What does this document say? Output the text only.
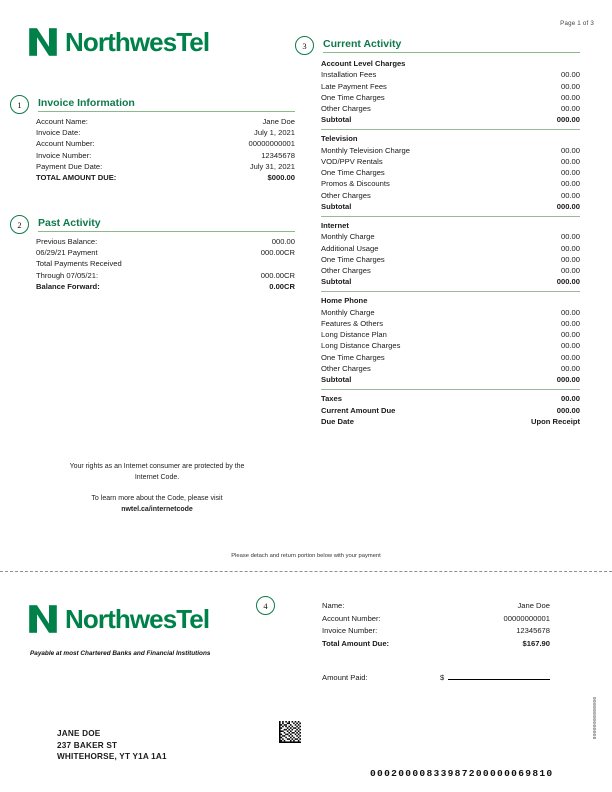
Page 1 of 3
NorthwesTel
1	Invoice Information
Account Name:	Jane Doe
Invoice Date:	July 1, 2021
Account Number:	00000000001
Invoice Number:	12345678
Payment Due Date:	July 31, 2021
TOTAL AMOUNT DUE:	$000.00
2	Past Activity
Previous Balance:	000.00
06/29/21 Payment	000.00CR
Total Payments Received
Through 07/05/21:	000.00CR
Balance Forward:	0.00CR
3	Current Activity
Account Level Charges
Installation Fees	00.00
Late Payment Fees	00.00
One Time Charges	00.00
Other Charges	00.00
Subtotal	000.00
Television
Monthly Television Charge	00.00
VOD/PPV Rentals	00.00
One Time Charges	00.00
Promos & Discounts	00.00
Other Charges	00.00
Subtotal	000.00
Internet
Monthly Charge	00.00
Additional Usage	00.00
One Time Charges	00.00
Other Charges	00.00
Subtotal	000.00
Home Phone
Monthly Charge	00.00
Features & Others	00.00
Long Distance Plan	00.00
Long Distance Charges	00.00
One Time Charges	00.00
Other Charges	00.00
Subtotal	000.00
Taxes	00.00
Current Amount Due	000.00
Due Date	Upon Receipt
Your rights as an Internet consumer are protected by the
Internet Code.
To learn more about the Code, please visit
nwtel.ca/internetcode
Please detach and return portion below with your payment
NorthwesTel
Payable at most Chartered Banks and Financial Institutions
4	Name:	Jane Doe
Account Number:	00000000001
Invoice Number:	12345678
Total Amount Due:	$167.90
Amount Paid:	$
JANE DOE
237 BAKER ST
WHITEHORSE, YT Y1A 1A1
00000000000000
00020000833987200000069810
